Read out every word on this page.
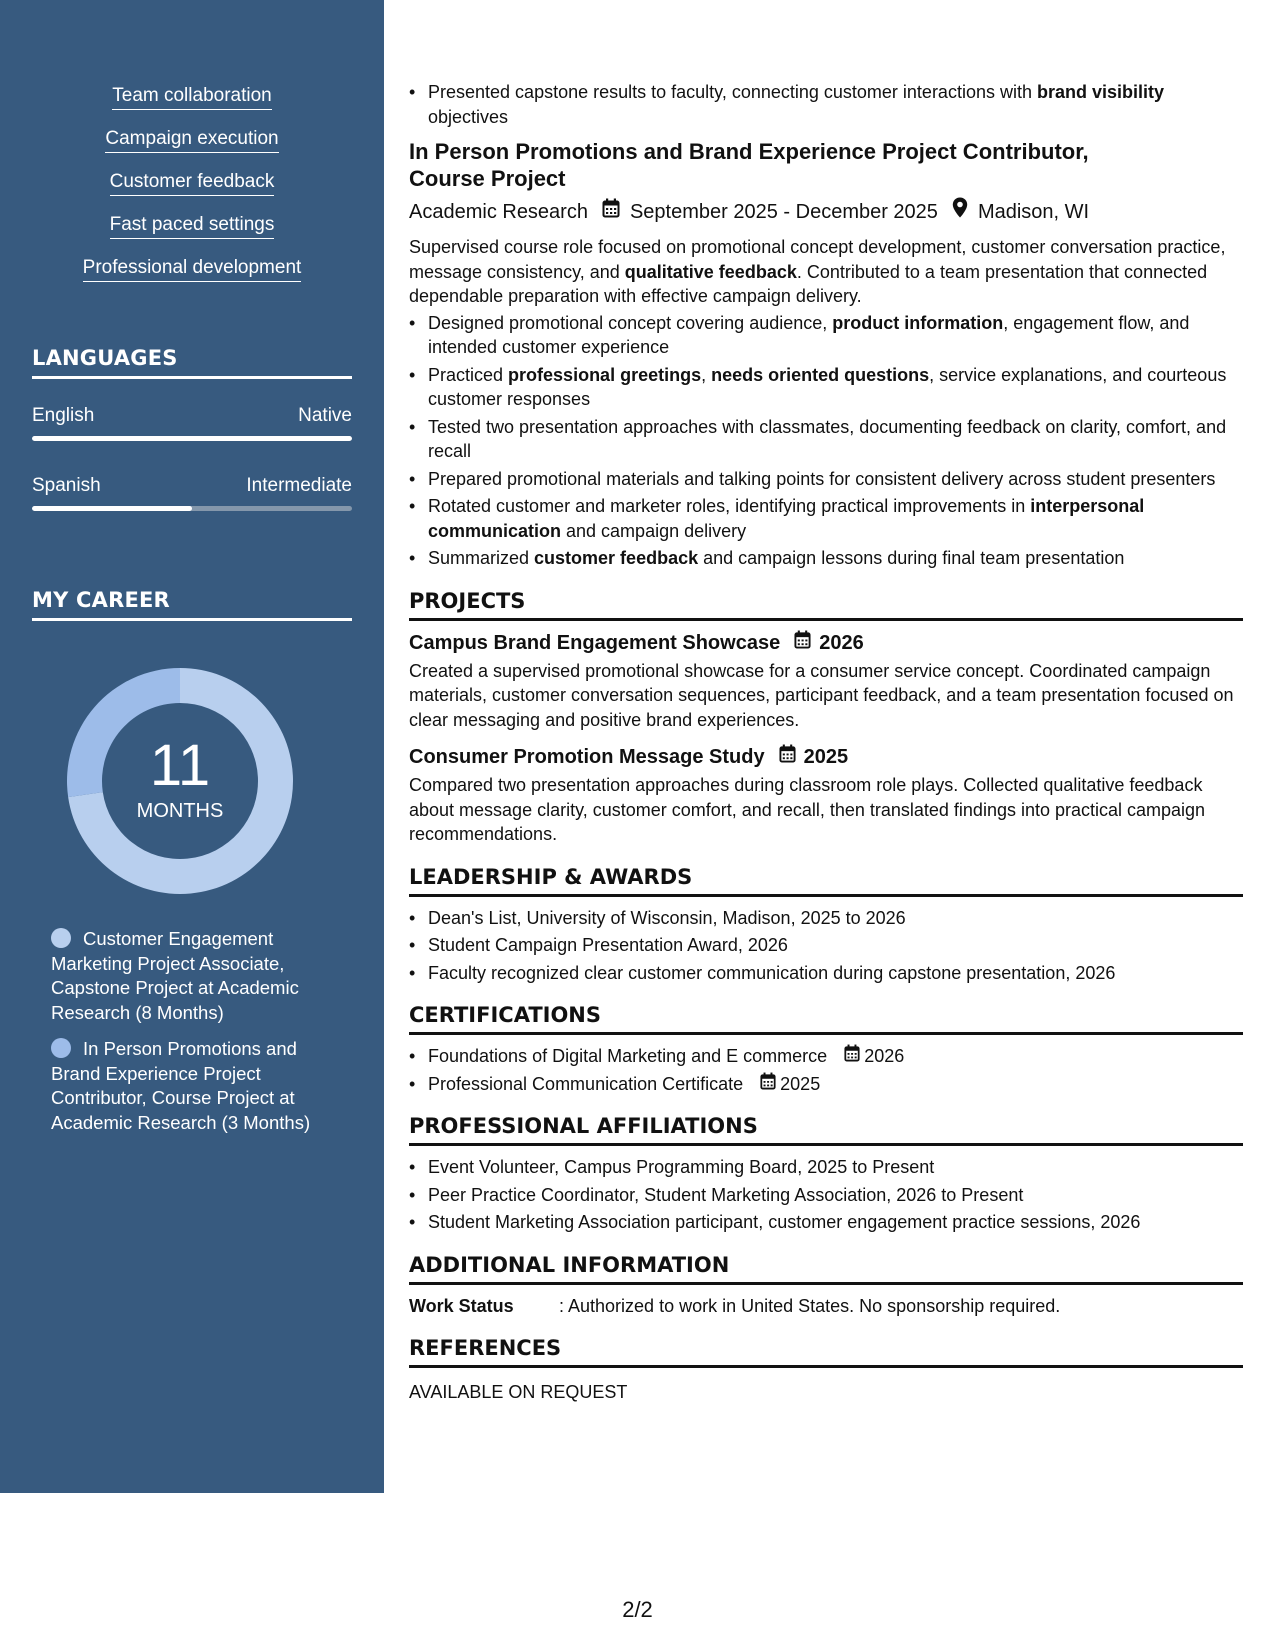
Team collaboration
Campaign execution
Customer feedback
Fast paced settings
Professional development
LANGUAGES
English	Native
Spanish	Intermediate
MY CAREER
11
MONTHS
Customer Engagement Marketing Project Associate, Capstone Project at Academic Research (8 Months)
In Person Promotions and Brand Experience Project Contributor, Course Project at Academic Research (3 Months)
• Presented capstone results to faculty, connecting customer interactions with brand visibility objectives
In Person Promotions and Brand Experience Project Contributor, Course Project
Academic Research September 2025 - December 2025 Madison, WI
Supervised course role focused on promotional concept development, customer conversation practice, message consistency, and qualitative feedback. Contributed to a team presentation that connected dependable preparation with effective campaign delivery.
• Designed promotional concept covering audience, product information, engagement flow, and intended customer experience
• Practiced professional greetings, needs oriented questions, service explanations, and courteous customer responses
• Tested two presentation approaches with classmates, documenting feedback on clarity, comfort, and recall
• Prepared promotional materials and talking points for consistent delivery across student presenters
• Rotated customer and marketer roles, identifying practical improvements in interpersonal communication and campaign delivery
• Summarized customer feedback and campaign lessons during final team presentation
PROJECTS
Campus Brand Engagement Showcase 2026
Created a supervised promotional showcase for a consumer service concept. Coordinated campaign materials, customer conversation sequences, participant feedback, and a team presentation focused on clear messaging and positive brand experiences.
Consumer Promotion Message Study 2025
Compared two presentation approaches during classroom role plays. Collected qualitative feedback about message clarity, customer comfort, and recall, then translated findings into practical campaign recommendations.
LEADERSHIP & AWARDS
• Dean's List, University of Wisconsin, Madison, 2025 to 2026
• Student Campaign Presentation Award, 2026
• Faculty recognized clear customer communication during capstone presentation, 2026
CERTIFICATIONS
• Foundations of Digital Marketing and E commerce 2026
• Professional Communication Certificate 2025
PROFESSIONAL AFFILIATIONS
• Event Volunteer, Campus Programming Board, 2025 to Present
• Peer Practice Coordinator, Student Marketing Association, 2026 to Present
• Student Marketing Association participant, customer engagement practice sessions, 2026
ADDITIONAL INFORMATION
Work Status	: Authorized to work in United States. No sponsorship required.
REFERENCES
AVAILABLE ON REQUEST
2/2
